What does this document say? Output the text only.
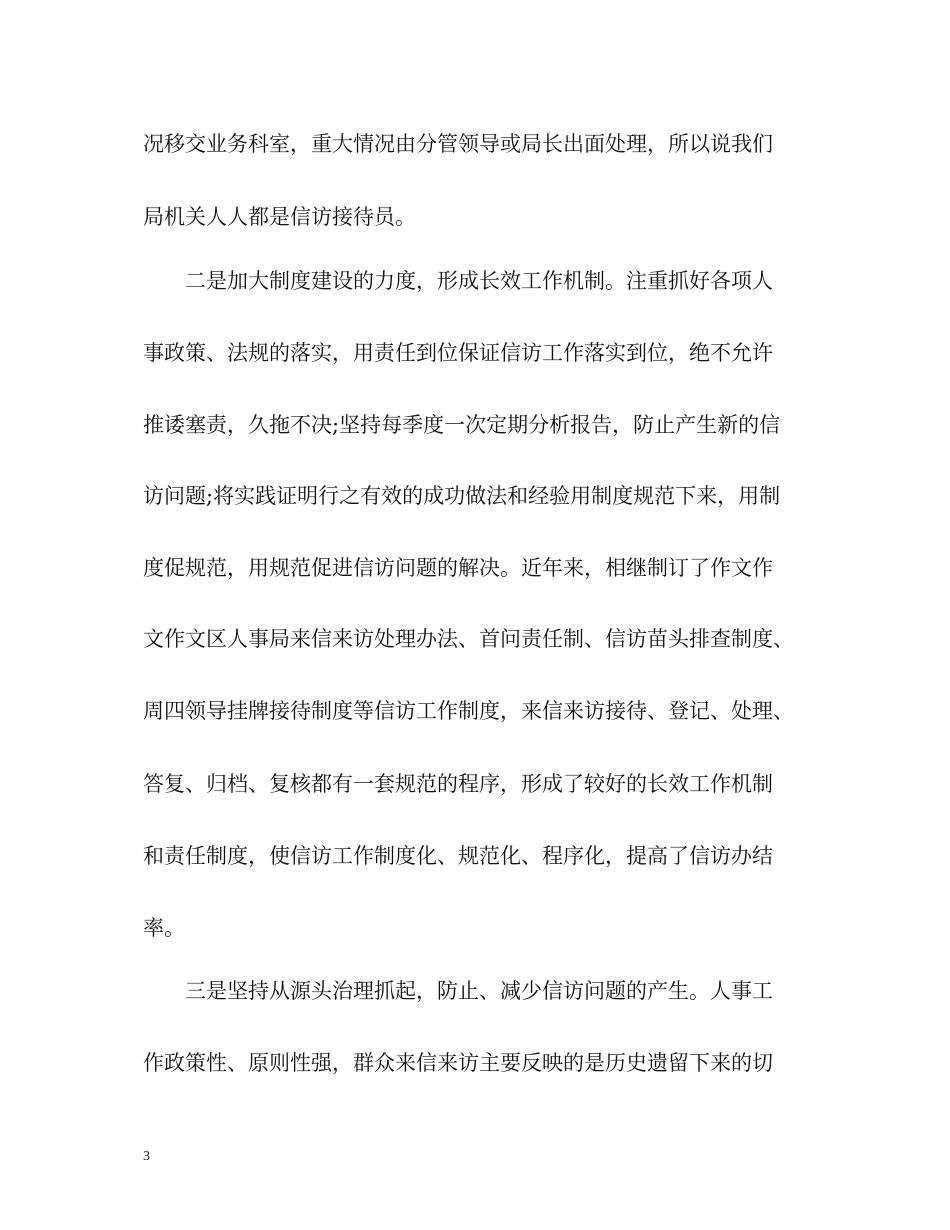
况移交业务科室，重大情况由分管领导或局长出面处理，所以说我们
局机关人人都是信访接待员。
二是加大制度建设的力度，形成长效工作机制。注重抓好各项人
事政策、法规的落实，用责任到位保证信访工作落实到位，绝不允许
推诿塞责，久拖不决;坚持每季度一次定期分析报告，防止产生新的信
访问题;将实践证明行之有效的成功做法和经验用制度规范下来，用制
度促规范，用规范促进信访问题的解决。近年来，相继制订了作文作
文作文区人事局来信来访处理办法、首问责任制、信访苗头排查制度、
周四领导挂牌接待制度等信访工作制度，来信来访接待、登记、处理、
答复、归档、复核都有一套规范的程序，形成了较好的长效工作机制
和责任制度，使信访工作制度化、规范化、程序化，提高了信访办结
率。
三是坚持从源头治理抓起，防止、减少信访问题的产生。人事工
作政策性、原则性强，群众来信来访主要反映的是历史遗留下来的切
3
